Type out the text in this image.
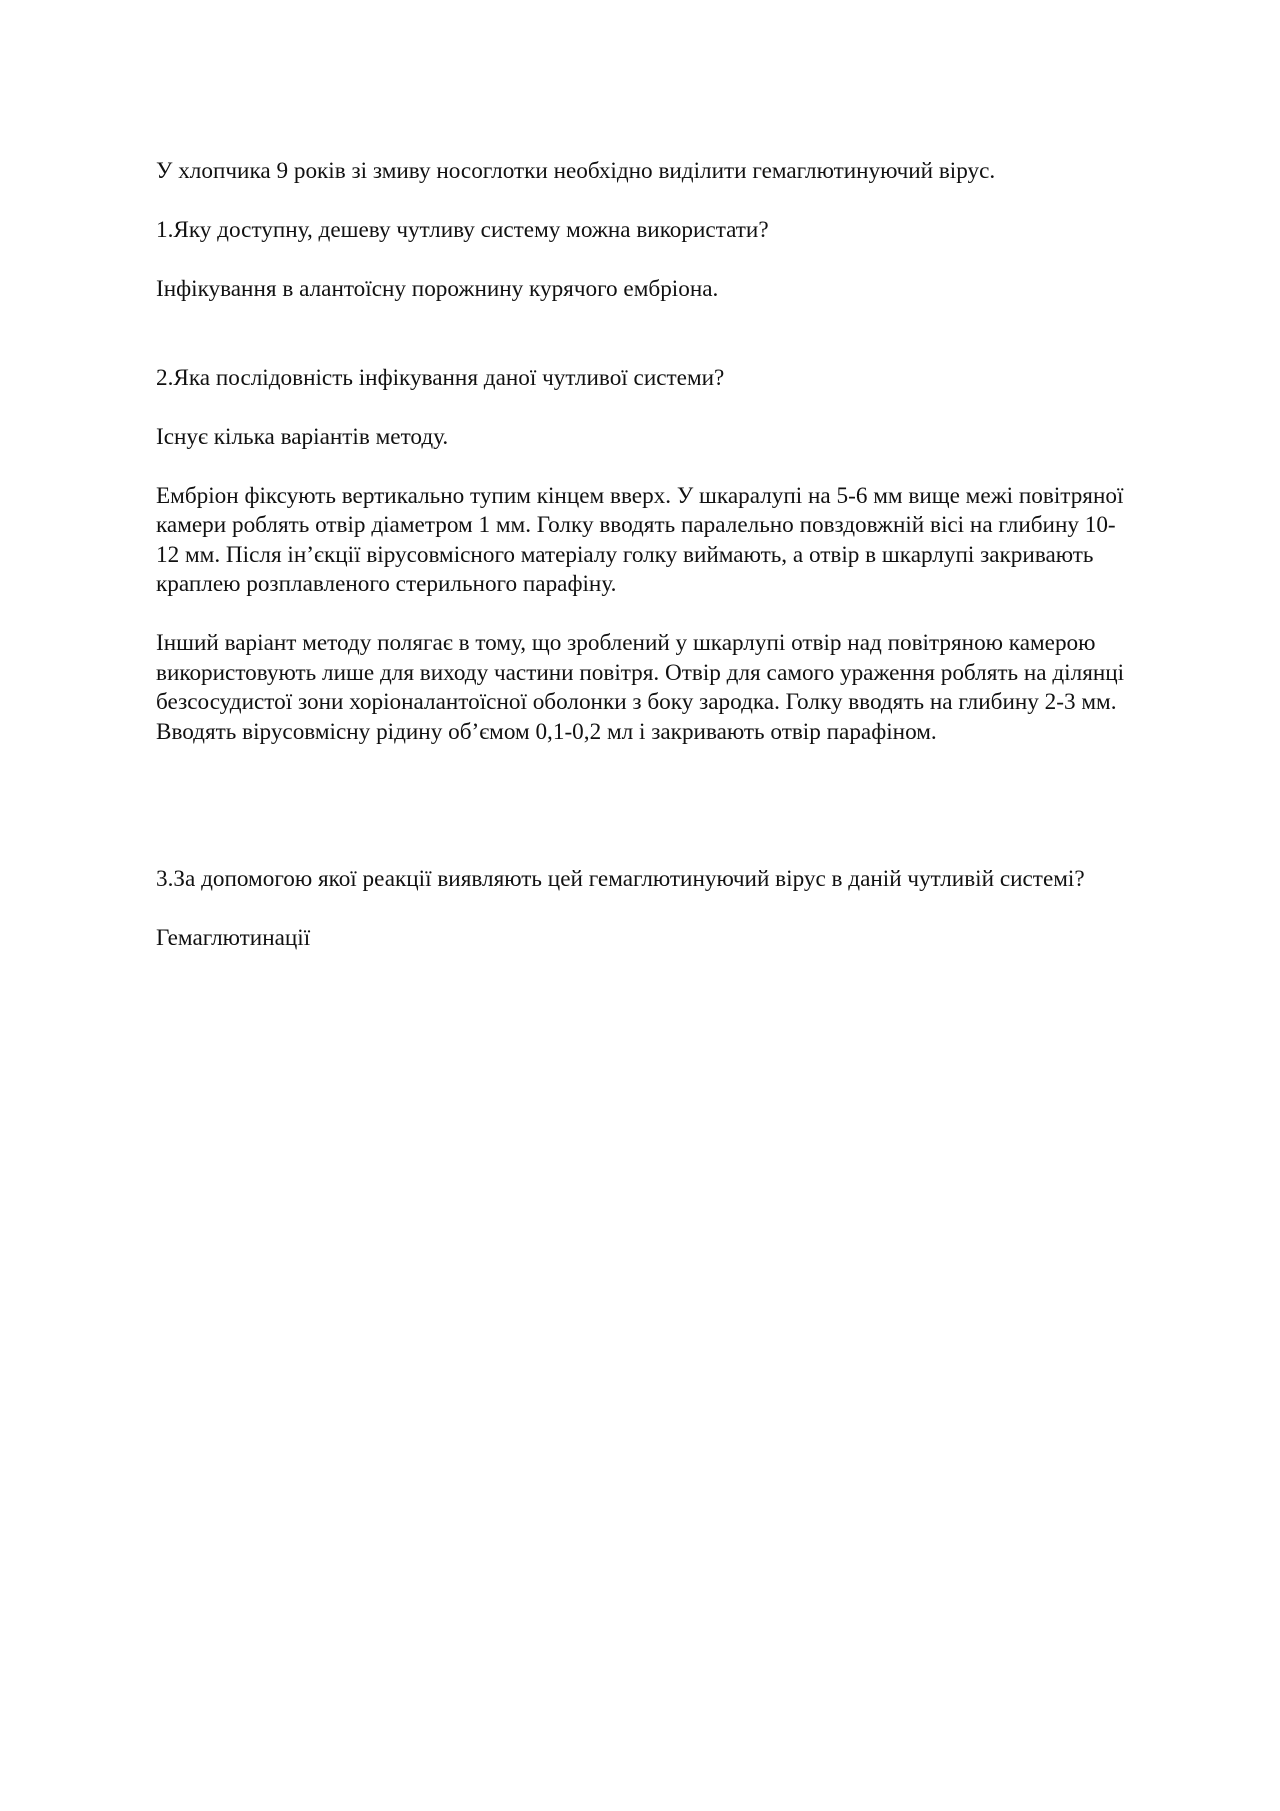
У хлопчика 9 років зі змиву носоглотки необхідно виділити гемаглютинуючий вірус.

1.Яку доступну, дешеву чутливу систему можна використати?

Інфікування в алантоїсну порожнину курячого ембріона.

2.Яка послідовність інфікування даної чутливої системи?

Існує кілька варіантів методу.

Ембріон фіксують вертикально тупим кінцем вверх. У шкаралупі на 5-6 мм вище межі повітряної камери роблять отвір діаметром 1 мм. Голку вводять паралельно повздовжній вісі на глибину 10-12 мм. Після ін’єкції вірусовмісного матеріалу голку виймають, а отвір в шкарлупі закривають краплею розплавленого стерильного парафіну.

Інший варіант методу полягає в тому, що зроблений у шкарлупі отвір над повітряною камерою використовують лише для виходу частини повітря. Отвір для самого ураження роблять на ділянці безсосудистої зони хоріоналантоїсної оболонки з боку зародка. Голку вводять на глибину 2-3 мм. Вводять вірусовмісну рідину об’ємом 0,1-0,2 мл і закривають отвір парафіном.

3.За допомогою якої реакції виявляють цей гемаглютинуючий вірус в даній чутливій системі?

Гемаглютинації
